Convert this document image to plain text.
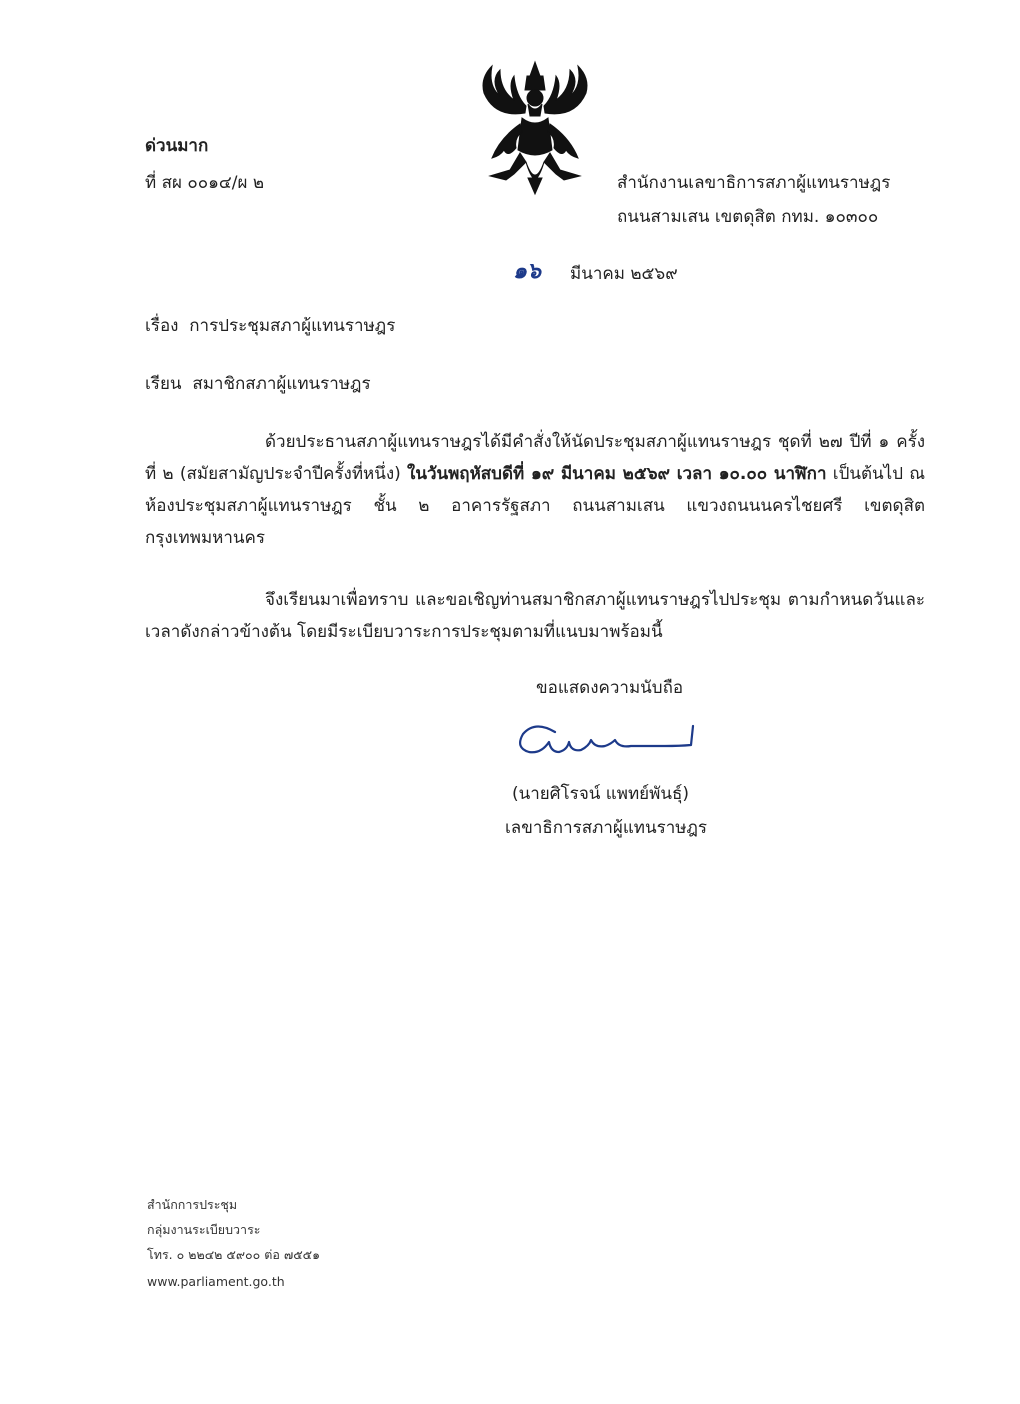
ด่วนมาก
ที่ สผ ๐๐๑๔/ผ ๒	สำนักงานเลขาธิการสภาผู้แทนราษฎร
ถนนสามเสน เขตดุสิต กทม. ๑๐๓๐๐
๑๖ มีนาคม ๒๕๖๙
เรื่อง การประชุมสภาผู้แทนราษฎร
เรียน สมาชิกสภาผู้แทนราษฎร
ด้วยประธานสภาผู้แทนราษฎรได้มีคำสั่งให้นัดประชุมสภาผู้แทนราษฎร ชุดที่ ๒๗ ปีที่ ๑ ครั้งที่ ๒ (สมัยสามัญประจำปีครั้งที่หนึ่ง) ในวันพฤหัสบดีที่ ๑๙ มีนาคม ๒๕๖๙ เวลา ๑๐.๐๐ นาฬิกา เป็นต้นไป ณ ห้องประชุมสภาผู้แทนราษฎร ชั้น ๒ อาคารรัฐสภา ถนนสามเสน แขวงถนนนครไชยศรี เขตดุสิต กรุงเทพมหานคร
จึงเรียนมาเพื่อทราบ และขอเชิญท่านสมาชิกสภาผู้แทนราษฎรไปประชุม ตามกำหนดวันและเวลาดังกล่าวข้างต้น โดยมีระเบียบวาระการประชุมตามที่แนบมาพร้อมนี้
ขอแสดงความนับถือ
(นายศิโรจน์ แพทย์พันธุ์)
เลขาธิการสภาผู้แทนราษฎร
สำนักการประชุม
กลุ่มงานระเบียบวาระ
โทร. ๐ ๒๒๔๒ ๕๙๐๐ ต่อ ๗๕๕๑
www.parliament.go.th
